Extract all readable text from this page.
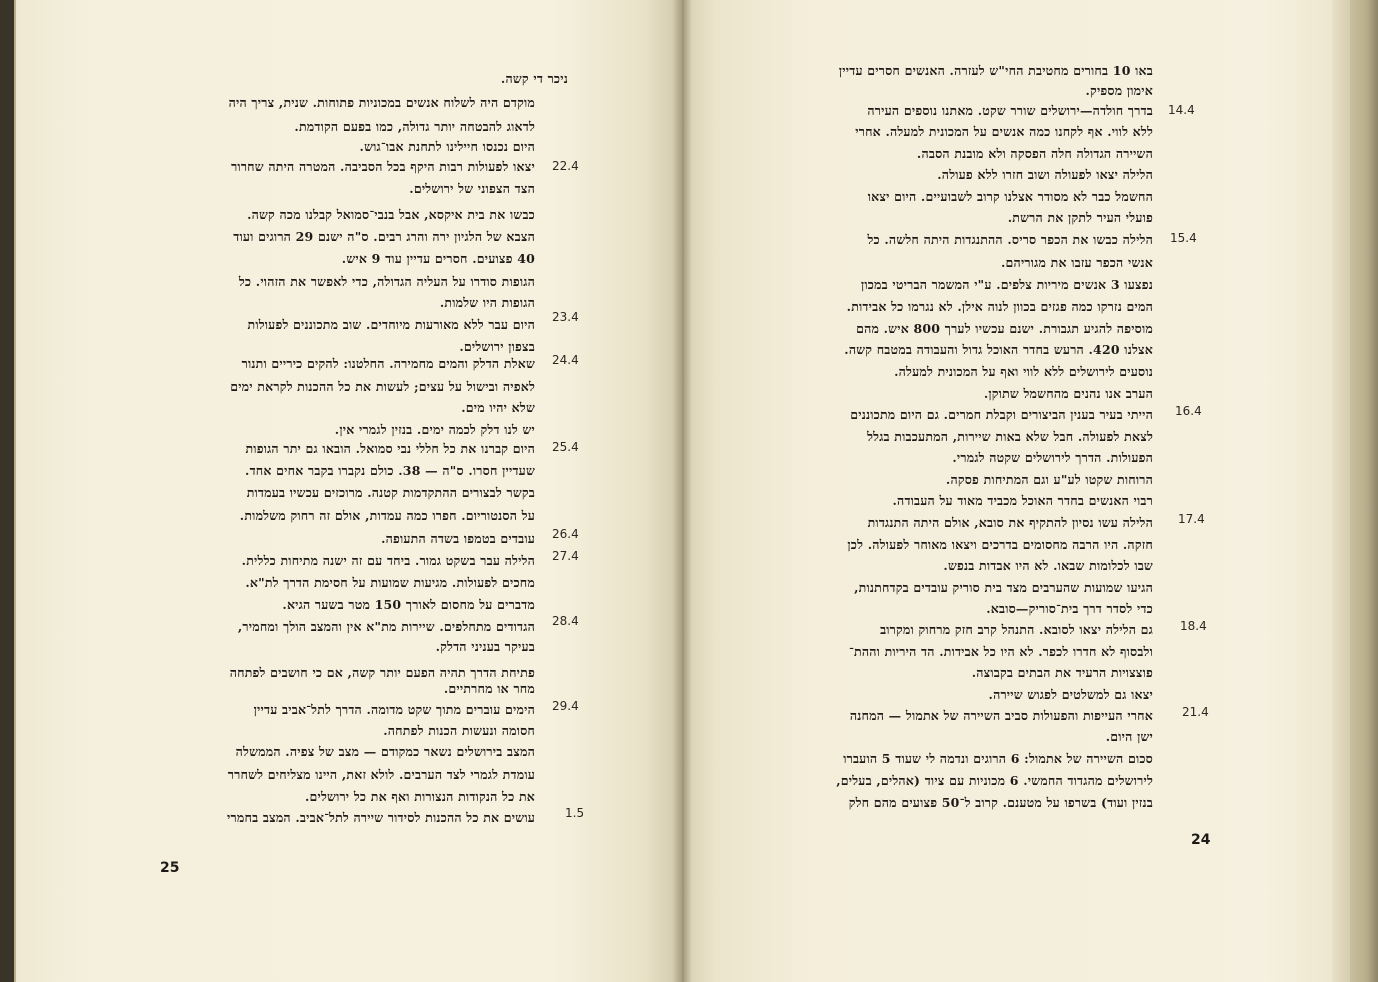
ניכר די קשה.
מוקדם היה לשלוח אנשים במכוניות פתוחות. שנית, צריך היה
לדאוג להבטחה יותר גדולה, כמו בפעם הקודמת.
היום נכנסו חיילינו לתחנת אבו־גוש.
יצאו לפעולות רבות היקף בכל הסביבה. המטרה היתה שחרור
הצד הצפוני של ירושלים.
כבשו את בית איקסא, אבל בנבי־סמואל קבלנו מכה קשה.
הצבא של הלגיון ירה והרג רבים. ס"ה ישנם 29 הרוגים ועוד
40 פצועים. חסרים עדיין עוד 9 איש.
הגופות סודרו על העליה הגדולה, כדי לאפשר את הזהוי. כל
הגופות היו שלמות.
היום עבר ללא מאורעות מיוחדים. שוב מתכוננים לפעולות
בצפון ירושלים.
שאלת הדלק והמים מחמירה. החלטנו: להקים כיריים ותנור
לאפיה ובישול על עצים; לעשות את כל ההכנות לקראת ימים
שלא יהיו מים.
יש לנו דלק לכמה ימים. בנזין לגמרי אין.
היום קברנו את כל חללי נבי סמואל. הובאו גם יתר הגופות
שעדיין חסרו. ס"ה — 38. כולם נקברו בקבר אחים אחד.
בקשר לבצורים ההתקדמות קטנה. מרוכזים עכשיו בעמדות
על הסנטוריום. חפרו כמה עמדות, אולם זה רחוק משלמות.
עובדים בטמפו בשדה התעופה.
הלילה עבר בשקט גמור. ביחד עם זה ישנה מתיחות כללית.
מחכים לפעולות. מגיעות שמועות על חסימת הדרך לת"א.
מדברים על מחסום לאורך 150 מטר בשער הגיא.
הגדודים מתחלפים. שיירות מת"א אין והמצב הולך ומחמיר,
בעיקר בעניני הדלק.
פתיחת הדרך תהיה הפעם יותר קשה, אם כי חושבים לפתחה
מחר או מחרתיים.
הימים עוברים מתוך שקט מדומה. הדרך לתל־אביב עדיין
חסומה ונעשות הכנות לפתחה.
המצב בירושלים נשאר כמקודם — מצב של צפיה. הממשלה
עומדת לגמרי לצד הערבים. לולא זאת, היינו מצליחים לשחרר
את כל הנקודות הנצורות ואף את כל ירושלים.
עושים את כל ההכנות לסידור שיירה לתל־אביב. המצב בחמרי
22.4
23.4
24.4
25.4
26.4
27.4
28.4
29.4
1.5
25
באו 10 בחורים מחטיבת החי"ש לעזרה. האנשים חסרים עדיין
אימון מספיק.
בדרך חולדה—ירושלים שורר שקט. מאתנו נוספים העירה
ללא לווי. אף לקחנו כמה אנשים על המכונית למעלה. אחרי
השיירה הגדולה חלה הפסקה ולא מובנת הסבה.
הלילה יצאו לפעולה ושוב חזרו ללא פעולה.
החשמל כבר לא מסודר אצלנו קרוב לשבועיים. היום יצאו
פועלי העיר לתקן את הרשת.
הלילה כבשו את הכפר סריס. ההתנגדות היתה חלשה. כל
אנשי הכפר עזבו את מגוריהם.
נפצעו 3 אנשים מיריות צלפים. ע"י המשמר הבריטי במכון
המים נזרקו כמה פגזים בכוון לנוה אילן. לא נגרמו כל אבידות.
מוסיפה להגיע תגבורת. ישנם עכשיו לערך 800 איש. מהם
אצלנו 420. הרעש בחדר האוכל גדול והעבודה במטבח קשה.
נוסעים לירושלים ללא לווי ואף על המכונית למעלה.
הערב אנו נהנים מהחשמל שתוקן.
הייתי בעיר בענין הביצורים וקבלת חמרים. גם היום מתכוננים
לצאת לפעולה. חבל שלא באות שיירות, המתעכבות בגלל
הפעולות. הדרך לירושלים שקטה לגמרי.
הרוחות שקטו לע"ע וגם המתיחות פסקה.
רבוי האנשים בחדר האוכל מכביד מאוד על העבודה.
הלילה עשו נסיון להתקיף את סובא, אולם היתה התנגדות
חזקה. היו הרבה מחסומים בדרכים ויצאו מאוחר לפעולה. לכן
שבו לכלומות שבאו. לא היו אבדות בנפש.
הגיעו שמועות שהערבים מצד בית סוריק עובדים בקדחתנות,
כדי לסדר דרך בית־סוריק—סובא.
גם הלילה יצאו לסובא. התנהל קרב חזק מרחוק ומקרוב
ולבסוף לא חדרו לכפר. לא היו כל אבידות. הד היריות וההת־
פוצצויות הרעיד את הבתים בקבוצה.
יצאו גם למשלטים לפגוש שיירה.
אחרי העייפות והפעולות סביב השיירה של אתמול — המחנה
ישן היום.
סכום השיירה של אתמול: 6 הרוגים ונדמה לי שעוד 5 הועברו
לירושלים מהגדוד החמשי. 6 מכוניות עם ציוד (אהלים, בעלים,
בנזין ועוד) בשרפו על מטענם. קרוב ל־50 פצועים מהם חלק
14.4
15.4
16.4
17.4
18.4
21.4
24
